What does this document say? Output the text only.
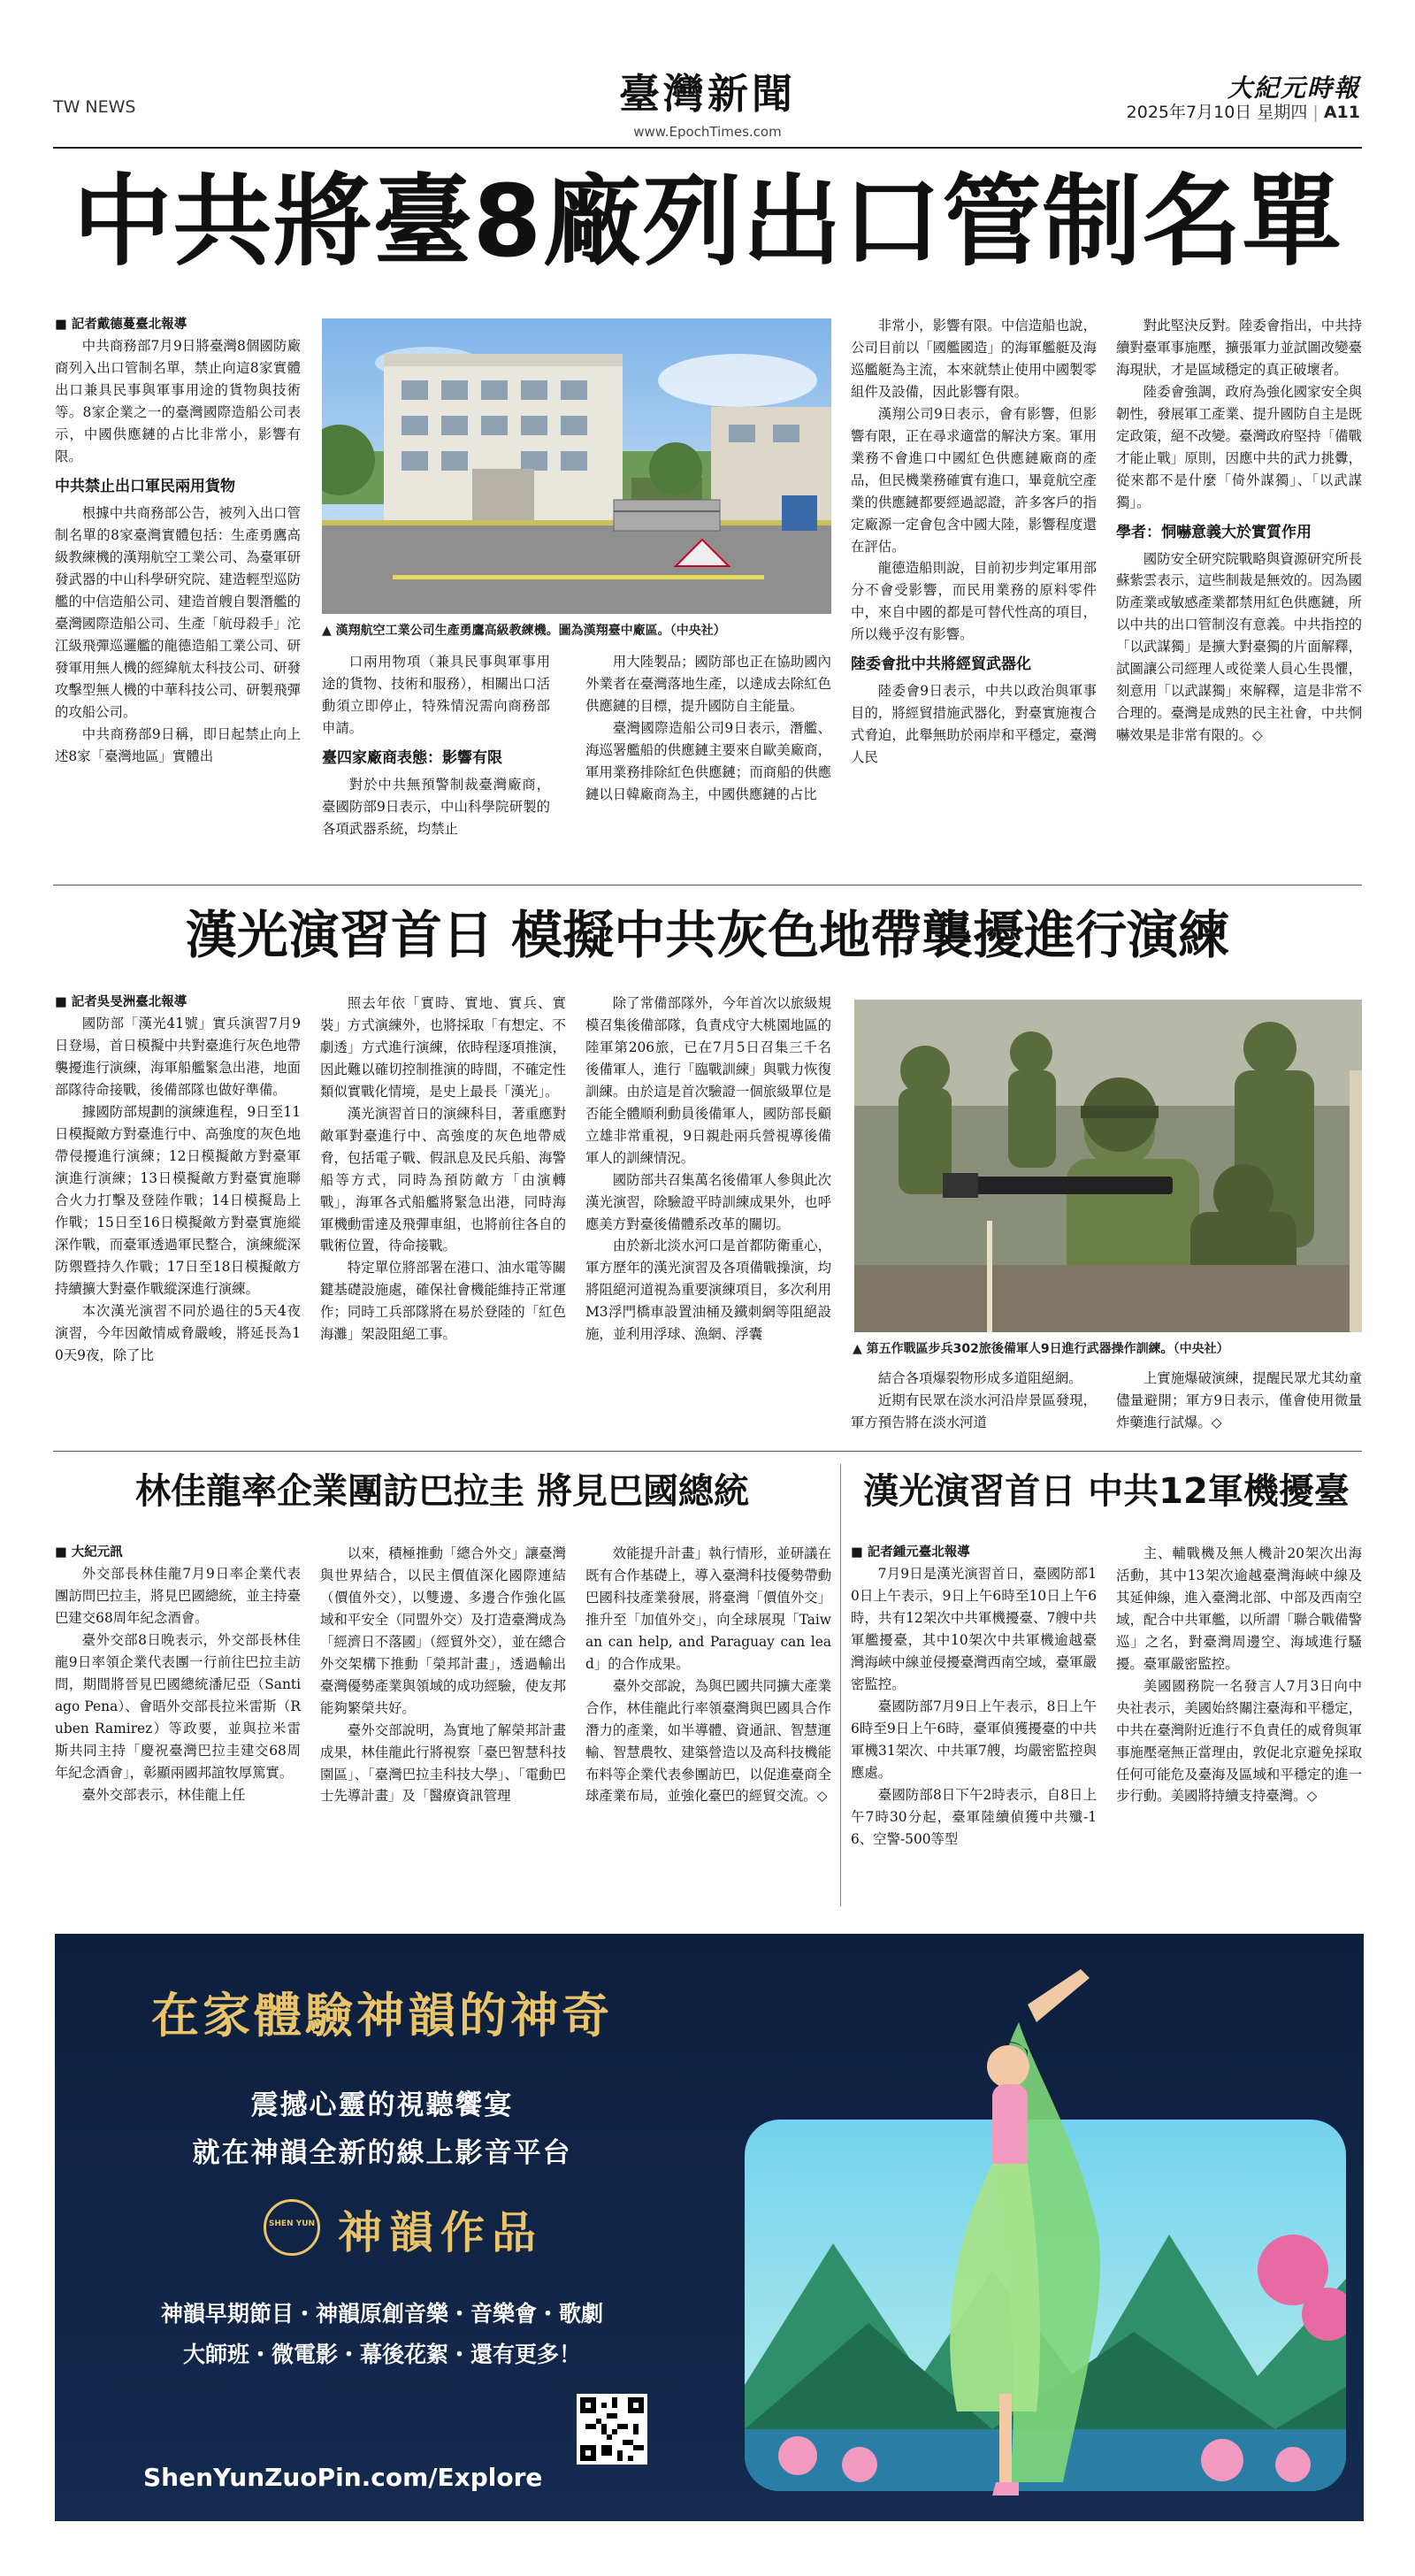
TW NEWS	臺灣新聞
www.EpochTimes.com
大紀元時報
2025年7月10日 星期四 | A11
中共將臺8廠列出口管制名單

■ 記者戴德蔓臺北報導

中共商務部7月9日將臺灣8個國防廠商列入出口管制名單，禁止向這8家實體出口兼具民事與軍事用途的貨物與技術等。8家企業之一的臺灣國際造船公司表示，中國供應鏈的占比非常小，影響有限。

中共禁止出口軍民兩用貨物

根據中共商務部公告，被列入出口管制名單的8家臺灣實體包括：生產勇鷹高級教練機的漢翔航空工業公司、為臺軍研發武器的中山科學研究院、建造輕型巡防艦的中信造船公司、建造首艘自製潛艦的臺灣國際造船公司、生產「航母殺手」沱江級飛彈巡邏艦的龍德造船工業公司、研發軍用無人機的經緯航太科技公司、研發攻擊型無人機的中華科技公司、研製飛彈的攻船公司。

中共商務部9日稱，即日起禁止向上述8家「臺灣地區」實體出

▲ 漢翔航空工業公司生產勇鷹高級教練機。圖為漢翔臺中廠區。（中央社）

口兩用物項（兼具民事與軍事用途的貨物、技術和服務），相關出口活動須立即停止，特殊情況需向商務部申請。

臺四家廠商表態：影響有限

對於中共無預警制裁臺灣廠商，臺國防部9日表示，中山科學院研製的各項武器系統，均禁止

用大陸製品；國防部也正在協助國內外業者在臺灣落地生產，以達成去除紅色供應鏈的目標，提升國防自主能量。

臺灣國際造船公司9日表示，潛艦、海巡署艦船的供應鏈主要來自歐美廠商，軍用業務排除紅色供應鏈；而商船的供應鏈以日韓廠商為主，中國供應鏈的占比

非常小，影響有限。中信造船也說，公司目前以「國艦國造」的海軍艦艇及海巡艦艇為主流，本來就禁止使用中國製零組件及設備，因此影響有限。

漢翔公司9日表示，會有影響，但影響有限，正在尋求適當的解決方案。軍用業務不會進口中國紅色供應鏈廠商的產品，但民機業務確實有進口，畢竟航空產業的供應鏈都要經過認證，許多客戶的指定廠源一定會包含中國大陸，影響程度還在評估。

龍德造船則說，目前初步判定軍用部分不會受影響，而民用業務的原料零件中，來自中國的都是可替代性高的項目，所以幾乎沒有影響。

陸委會批中共將經貿武器化

陸委會9日表示，中共以政治與軍事目的，將經貿措施武器化，對臺實施複合式脅迫，此舉無助於兩岸和平穩定，臺灣人民

對此堅決反對。陸委會指出，中共持續對臺軍事施壓，擴張軍力並試圖改變臺海現狀，才是區域穩定的真正破壞者。

陸委會強調，政府為強化國家安全與韌性，發展軍工產業、提升國防自主是既定政策，絕不改變。臺灣政府堅持「備戰才能止戰」原則，因應中共的武力挑釁，從來都不是什麼「倚外謀獨」、「以武謀獨」。

學者：恫嚇意義大於實質作用

國防安全研究院戰略與資源研究所長蘇紫雲表示，這些制裁是無效的。因為國防產業或敏感產業都禁用紅色供應鏈，所以中共的出口管制沒有意義。中共指控的「以武謀獨」是擴大對臺獨的片面解釋，試圖讓公司經理人或從業人員心生畏懼，刻意用「以武謀獨」來解釋，這是非常不合理的。臺灣是成熟的民主社會，中共恫嚇效果是非常有限的。◇

漢光演習首日 模擬中共灰色地帶襲擾進行演練

■ 記者吳旻洲臺北報導

國防部「漢光41號」實兵演習7月9日登場，首日模擬中共對臺進行灰色地帶襲擾進行演練，海軍船艦緊急出港，地面部隊待命接戰，後備部隊也做好準備。

據國防部規劃的演練進程，9日至11日模擬敵方對臺進行中、高強度的灰色地帶侵擾進行演練；12日模擬敵方對臺軍演進行演練；13日模擬敵方對臺實施聯合火力打擊及登陸作戰；14日模擬島上作戰；15日至16日模擬敵方對臺實施縱深作戰，而臺軍透過軍民整合，演練縱深防禦暨持久作戰；17日至18日模擬敵方持續擴大對臺作戰縱深進行演練。

本次漢光演習不同於過往的5天4夜演習，今年因敵情威脅嚴峻，將延長為10天9夜，除了比

照去年依「實時、實地、實兵、實裝」方式演練外，也將採取「有想定、不劇透」方式進行演練，依時程逐項推演，因此難以確切控制推演的時間，不確定性類似實戰化情境，是史上最長「漢光」。

漢光演習首日的演練科目，著重應對敵軍對臺進行中、高強度的灰色地帶威脅，包括電子戰、假訊息及民兵船、海警船等方式，同時為預防敵方「由演轉戰」，海軍各式船艦將緊急出港，同時海軍機動雷達及飛彈車組，也將前往各自的戰術位置，待命接戰。

特定單位將部署在港口、油水電等關鍵基礎設施處，確保社會機能維持正常運作；同時工兵部隊將在易於登陸的「紅色海灘」架設阻絕工事。

除了常備部隊外，今年首次以旅級規模召集後備部隊，負責戍守大桃園地區的陸軍第206旅，已在7月5日召集三千名後備軍人，進行「臨戰訓練」與戰力恢復訓練。由於這是首次驗證一個旅級單位是否能全體順利動員後備軍人，國防部長顧立雄非常重視，9日親赴兩兵營視導後備軍人的訓練情況。

國防部共召集萬名後備軍人參與此次漢光演習，除驗證平時訓練成果外，也呼應美方對臺後備體系改革的關切。

由於新北淡水河口是首都防衛重心，軍方歷年的漢光演習及各項備戰操演，均將阻絕河道視為重要演練項目，多次利用M3浮門橋車設置油桶及鐵刺網等阻絕設施，並利用浮球、漁網、浮囊

▲ 第五作戰區步兵302旅後備軍人9日進行武器操作訓練。（中央社）

結合各項爆裂物形成多道阻絕網。

近期有民眾在淡水河沿岸景區發現，軍方預告將在淡水河道

上實施爆破演練，提醒民眾尤其幼童儘量避開；軍方9日表示，僅會使用微量炸藥進行試爆。◇

林佳龍率企業團訪巴拉圭 將見巴國總統

■ 大紀元訊

外交部長林佳龍7月9日率企業代表團訪問巴拉圭，將見巴國總統，並主持臺巴建交68周年紀念酒會。

臺外交部8日晚表示，外交部長林佳龍9日率領企業代表團一行前往巴拉圭訪問，期間將晉見巴國總統潘尼亞（Santiago Pena）、會晤外交部長拉米雷斯（Ruben Ramirez）等政要，並與拉米雷斯共同主持「慶祝臺灣巴拉圭建交68周年紀念酒會」，彰顯兩國邦誼牧厚篤實。

臺外交部表示，林佳龍上任

以來，積極推動「總合外交」讓臺灣與世界結合，以民主價值深化國際連結（價值外交），以雙邊、多邊合作強化區域和平安全（同盟外交）及打造臺灣成為「經濟日不落國」（經貿外交），並在總合外交架構下推動「榮邦計畫」，透過輸出臺灣優勢產業與領域的成功經驗，使友邦能夠繁榮共好。

臺外交部說明，為實地了解榮邦計畫成果，林佳龍此行將視察「臺巴智慧科技園區」、「臺灣巴拉圭科技大學」、「電動巴士先導計畫」及「醫療資訊管理

效能提升計畫」執行情形，並研議在既有合作基礎上，導入臺灣科技優勢帶動巴國科技產業發展，將臺灣「價值外交」推升至「加值外交」，向全球展現「Taiwan can help, and Paraguay can lead」的合作成果。

臺外交部說，為與巴國共同擴大產業合作，林佳龍此行率領臺灣與巴國具合作潛力的產業，如半導體、資通訊、智慧運輸、智慧農牧、建築營造以及高科技機能布料等企業代表參團訪巴，以促進臺商全球產業布局，並強化臺巴的經貿交流。◇

漢光演習首日 中共12軍機擾臺

■ 記者鍾元臺北報導

7月9日是漢光演習首日，臺國防部10日上午表示，9日上午6時至10日上午6時，共有12架次中共軍機擾臺、7艘中共軍艦擾臺，其中10架次中共軍機逾越臺灣海峽中線並侵擾臺灣西南空域，臺軍嚴密監控。

臺國防部7月9日上午表示，8日上午6時至9日上午6時，臺軍偵獲擾臺的中共軍機31架次、中共軍7艘，均嚴密監控與應處。

臺國防部8日下午2時表示，自8日上午7時30分起，臺軍陸續偵獲中共殲-16、空警-500等型

主、輔戰機及無人機計20架次出海活動，其中13架次逾越臺灣海峽中線及其延伸線，進入臺灣北部、中部及西南空域，配合中共軍艦，以所謂「聯合戰備警巡」之名，對臺灣周邊空、海域進行騷擾。臺軍嚴密監控。

美國國務院一名發言人7月3日向中央社表示，美國始終關注臺海和平穩定，中共在臺灣附近進行不負責任的威脅與軍事施壓毫無正當理由，敦促北京避免採取任何可能危及臺海及區域和平穩定的進一步行動。美國將持續支持臺灣。◇

在家體驗神韻的神奇
震撼心靈的視聽饗宴
就在神韻全新的線上影音平台
SHEN YUN 神韻作品
神韻早期節目・神韻原創音樂・音樂會・歌劇
大師班・微電影・幕後花絮・還有更多！
ShenYunZuoPin.com/Explore
